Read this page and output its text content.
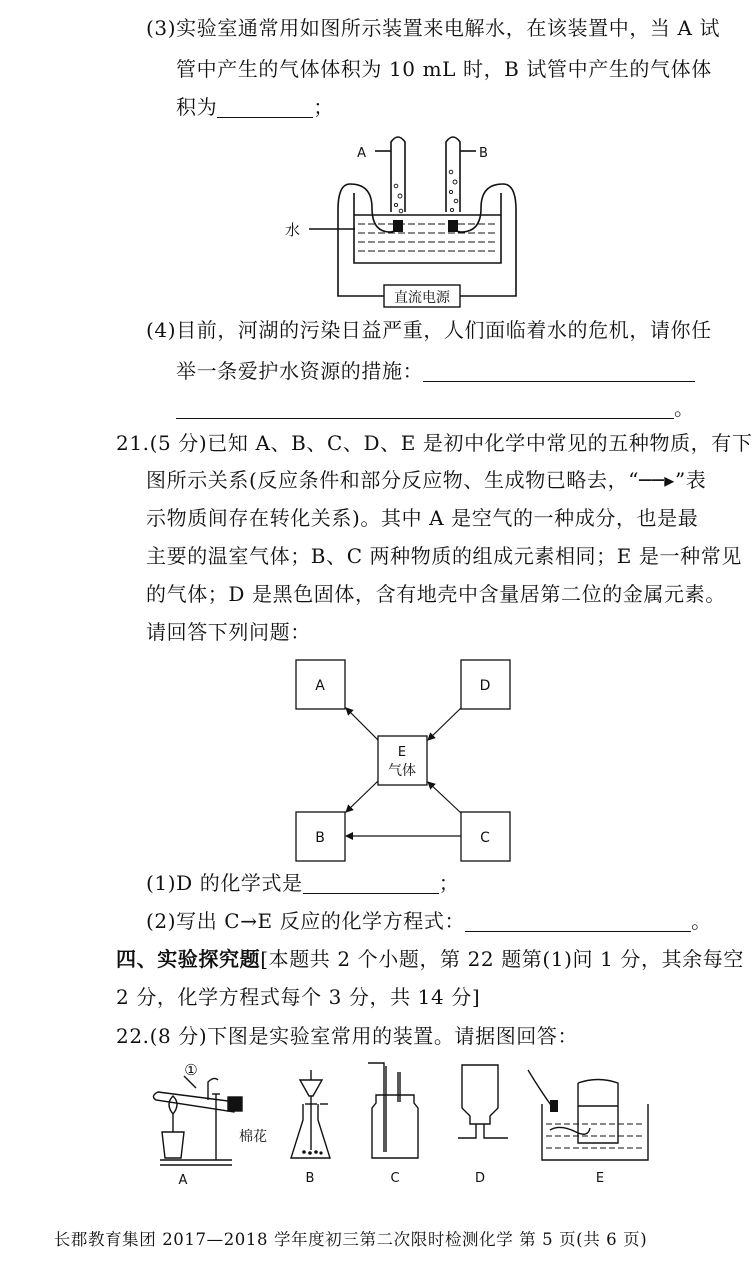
(3)实验室通常用如图所示装置来电解水，在该装置中，当 A 试
管中产生的气体体积为 10 mL 时，B 试管中产生的气体体
积为	；
直流电源
A	B
水
(4)目前，河湖的污染日益严重，人们面临着水的危机，请你任
举一条爱护水资源的措施：
。
21.(5 分)已知 A、B、C、D、E 是初中化学中常见的五种物质，有下
图所示关系(反应条件和部分反应物、生成物已略去，“──▸”表
示物质间存在转化关系)。其中 A 是空气的一种成分，也是最
主要的温室气体；B、C 两种物质的组成元素相同；E 是一种常见
的气体；D 是黑色固体，含有地壳中含量居第二位的金属元素。
请回答下列问题：
A	D
E
气体
B	C
(1)D 的化学式是	；
(2)写出 C→E 反应的化学方程式：	。
四、实验探究题[本题共 2 个小题，第 22 题第(1)问 1 分，其余每空
2 分，化学方程式每个 3 分，共 14 分]
22.(8 分)下图是实验室常用的装置。请据图回答：
①
棉花
A	B	C	D	E
长郡教育集团 2017—2018 学年度初三第二次限时检测化学 第 5 页(共 6 页)
